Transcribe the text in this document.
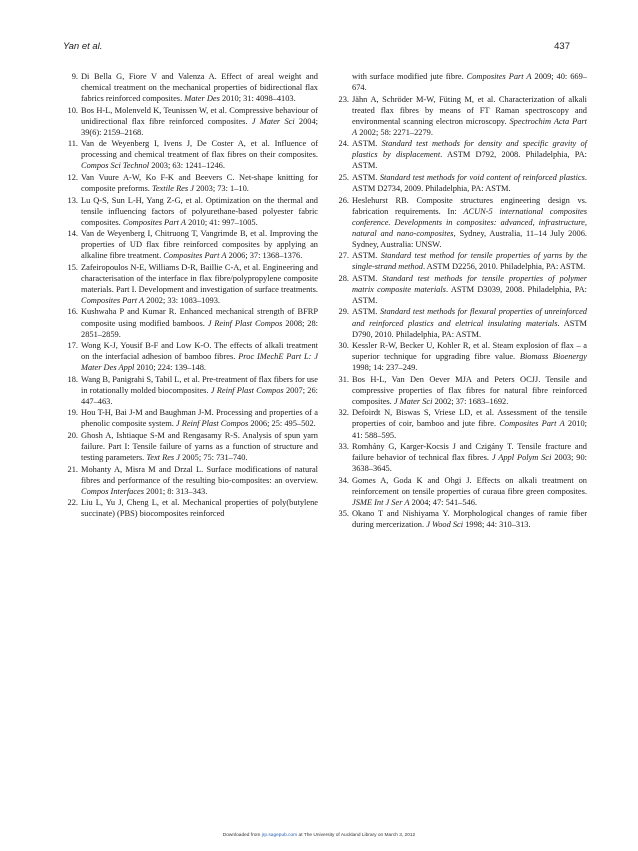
Yan et al.	437
9. Di Bella G, Fiore V and Valenza A. Effect of areal weight and chemical treatment on the mechanical properties of bidirectional flax fabrics reinforced composites. Mater Des 2010; 31: 4098–4103.
10. Bos H-L, Molenveld K, Teunissen W, et al. Compressive behaviour of unidirectional flax fibre reinforced composites. J Mater Sci 2004; 39(6): 2159–2168.
11. Van de Weyenberg I, Ivens J, De Coster A, et al. Influence of processing and chemical treatment of flax fibres on their composites. Compos Sci Technol 2003; 63: 1241–1246.
12. Van Vuure A-W, Ko F-K and Beevers C. Net-shape knitting for composite preforms. Textile Res J 2003; 73: 1–10.
13. Lu Q-S, Sun L-H, Yang Z-G, et al. Optimization on the thermal and tensile influencing factors of polyurethane-based polyester fabric composites. Composites Part A 2010; 41: 997–1005.
14. Van de Weyenberg I, Chitruong T, Vangrimde B, et al. Improving the properties of UD flax fibre reinforced composites by applying an alkaline fibre treatment. Composites Part A 2006; 37: 1368–1376.
15. Zafeiropoulos N-E, Williams D-R, Baillie C-A, et al. Engineering and characterisation of the interface in flax fibre/polypropylene composite materials. Part I. Development and investigation of surface treatments. Composites Part A 2002; 33: 1083–1093.
16. Kushwaha P and Kumar R. Enhanced mechanical strength of BFRP composite using modified bamboos. J Reinf Plast Compos 2008; 28: 2851–2859.
17. Wong K-J, Yousif B-F and Low K-O. The effects of alkali treatment on the interfacial adhesion of bamboo fibres. Proc IMechE Part L: J Mater Des Appl 2010; 224: 139–148.
18. Wang B, Panigrahi S, Tabil L, et al. Pre-treatment of flax fibers for use in rotationally molded biocomposites. J Reinf Plast Compos 2007; 26: 447–463.
19. Hou T-H, Bai J-M and Baughman J-M. Processing and properties of a phenolic composite system. J Reinf Plast Compos 2006; 25: 495–502.
20. Ghosh A, Ishtiaque S-M and Rengasamy R-S. Analysis of spun yarn failure. Part I: Tensile failure of yarns as a function of structure and testing parameters. Text Res J 2005; 75: 731–740.
21. Mohanty A, Misra M and Drzal L. Surface modifications of natural fibres and performance of the resulting bio-composites: an overview. Compos Interfaces 2001; 8: 313–343.
22. Liu L, Yu J, Cheng L, et al. Mechanical properties of poly(butylene succinate) (PBS) biocomposites reinforced
with surface modified jute fibre. Composites Part A 2009; 40: 669–674.
23. Jähn A, Schröder M-W, Füting M, et al. Characterization of alkali treated flax fibres by means of FT Raman spectroscopy and environmental scanning electron microscopy. Spectrochim Acta Part A 2002; 58: 2271–2279.
24. ASTM. Standard test methods for density and specific gravity of plastics by displacement. ASTM D792, 2008. Philadelphia, PA: ASTM.
25. ASTM. Standard test methods for void content of reinforced plastics. ASTM D2734, 2009. Philadelphia, PA: ASTM.
26. Heslehurst RB. Composite structures engineering design vs. fabrication requirements. In: ACUN-5 international composites conference. Developments in composites: advanced, infrastructure, natural and nano-composites, Sydney, Australia, 11–14 July 2006. Sydney, Australia: UNSW.
27. ASTM. Standard test method for tensile properties of yarns by the single-strand method. ASTM D2256, 2010. Philadelphia, PA: ASTM.
28. ASTM. Standard test methods for tensile properties of polymer matrix composite materials. ASTM D3039, 2008. Philadelphia, PA: ASTM.
29. ASTM. Standard test methods for flexural properties of unreinforced and reinforced plastics and eletrical insulating materials. ASTM D790, 2010. Philadelphia, PA: ASTM.
30. Kessler R-W, Becker U, Kohler R, et al. Steam explosion of flax – a superior technique for upgrading fibre value. Biomass Bioenergy 1998; 14: 237–249.
31. Bos H-L, Van Den Oever MJA and Peters OCJJ. Tensile and compressive properties of flax fibres for natural fibre reinforced composites. J Mater Sci 2002; 37: 1683–1692.
32. Defoirdt N, Biswas S, Vriese LD, et al. Assessment of the tensile properties of coir, bamboo and jute fibre. Composites Part A 2010; 41: 588–595.
33. Romhány G, Karger-Kocsis J and Czigány T. Tensile fracture and failure behavior of technical flax fibres. J Appl Polym Sci 2003; 90: 3638–3645.
34. Gomes A, Goda K and Ohgi J. Effects on alkali treatment on reinforcement on tensile properties of curaua fibre green composites. JSME Int J Ser A 2004; 47: 541–546.
35. Okano T and Nishiyama Y. Morphological changes of ramie fiber during mercerization. J Wood Sci 1998; 44: 310–313.
Downloaded from jrp.sagepub.com at The University of Auckland Library on March 3, 2012
